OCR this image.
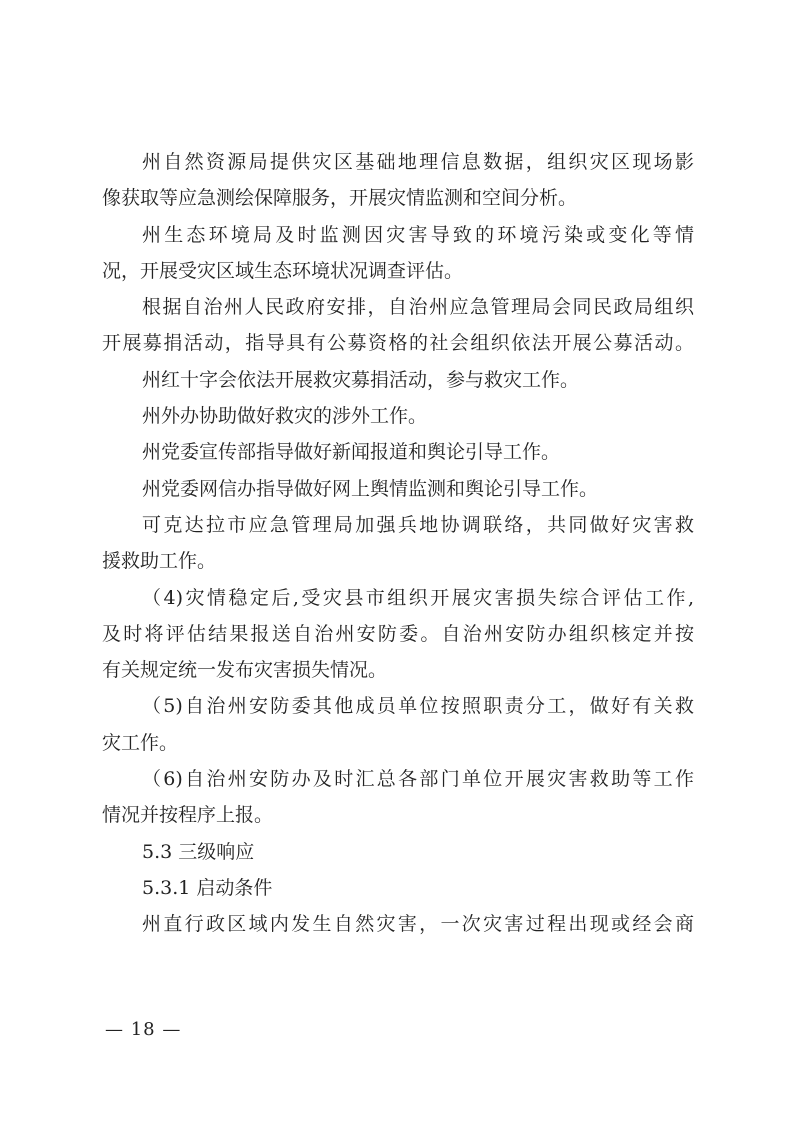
州自然资源局提供灾区基础地理信息数据，组织灾区现场影
像获取等应急测绘保障服务，开展灾情监测和空间分析。
州生态环境局及时监测因灾害导致的环境污染或变化等情
况，开展受灾区域生态环境状况调查评估。
根据自治州人民政府安排，自治州应急管理局会同民政局组织
开展募捐活动，指导具有公募资格的社会组织依法开展公募活动。
州红十字会依法开展救灾募捐活动，参与救灾工作。
州外办协助做好救灾的涉外工作。
州党委宣传部指导做好新闻报道和舆论引导工作。
州党委网信办指导做好网上舆情监测和舆论引导工作。
可克达拉市应急管理局加强兵地协调联络，共同做好灾害救
援救助工作。
（4)灾情稳定后,受灾县市组织开展灾害损失综合评估工作,
及时将评估结果报送自治州安防委。自治州安防办组织核定并按
有关规定统一发布灾害损失情况。
（5)自治州安防委其他成员单位按照职责分工，做好有关救
灾工作。
（6)自治州安防办及时汇总各部门单位开展灾害救助等工作
情况并按程序上报。
5.3 三级响应
5.3.1 启动条件
州直行政区域内发生自然灾害，一次灾害过程出现或经会商
— 18 —
